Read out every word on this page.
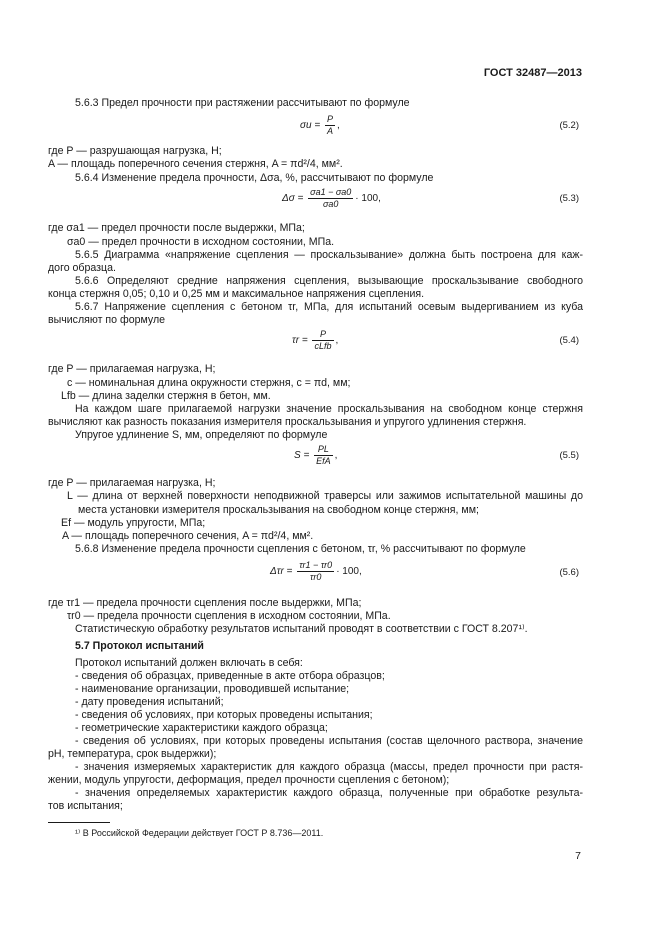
ГОСТ 32487—2013
5.6.3 Предел прочности при растяжении рассчитывают по формуле
$\sigma u = \frac{P}{A}$ ,	(5.2)
где P — разрушающая нагрузка, Н;
A — площадь поперечного сечения стержня, A = πd²/4, мм².
5.6.4 Изменение предела прочности, Δσa, %, рассчитывают по формуле
$\Delta\sigma = \frac{\sigma a1 - \sigma a0}{\sigma a0} \cdot 100$,	(5.3)
где σa1 — предел прочности после выдержки, МПа;
σa0 — предел прочности в исходном состоянии, МПа.
5.6.5 Диаграмма «напряжение сцепления — проскальзывание» должна быть построена для каж-
дого образца.
5.6.6 Определяют средние напряжения сцепления, вызывающие проскальзывание свободного
конца стержня 0,05; 0,10 и 0,25 мм и максимальное напряжения сцепления.
5.6.7 Напряжение сцепления с бетоном τr, МПа, для испытаний осевым выдергиванием из куба
вычисляют по формуле
$\tau r = \frac{P}{\text{cLfb}}$ ,	(5.4)
где P — прилагаемая нагрузка, Н;
c — номинальная длина окружности стержня, c = πd, мм;
Lfb — длина заделки стержня в бетон, мм.
На каждом шаге прилагаемой нагрузки значение проскальзывания на свободном конце стержня
вычисляют как разность показания измерителя проскальзывания и упругого удлинения стержня.
Упругое удлинение S, мм, определяют по формуле
$S = \frac{PL}{\text{EfA}}$ ,	(5.5)
где P — прилагаемая нагрузка, Н;
L — длина от верхней поверхности неподвижной траверсы или зажимов испытательной машины до
места установки измерителя проскальзывания на свободном конце стержня, мм;
Ef — модуль упругости, МПа;
A — площадь поперечного сечения, A = πd²/4, мм².
5.6.8 Изменение предела прочности сцепления с бетоном, τr, % рассчитывают по формуле
$\Delta\tau r = \frac{\tau r1 - \tau r0}{\tau r0} \cdot 100$,	(5.6)
где τr1 — предела прочности сцепления после выдержки, МПа;
τr0 — предела прочности сцепления в исходном состоянии, МПа.
Статистическую обработку результатов испытаний проводят в соответствии с ГОСТ 8.207¹⁾.
5.7 Протокол испытаний
Протокол испытаний должен включать в себя:
- сведения об образцах, приведенные в акте отбора образцов;
- наименование организации, проводившей испытание;
- дату проведения испытаний;
- сведения об условиях, при которых проведены испытания;
- геометрические характеристики каждого образца;
- сведения об условиях, при которых проведены испытания (состав щелочного раствора, значение
pH, температура, срок выдержки);
- значения измеряемых характеристик для каждого образца (массы, предел прочности при растя-
жении, модуль упругости, деформация, предел прочности сцепления с бетоном);
- значения определяемых характеристик каждого образца, полученные при обработке результа-
тов испытания;
¹⁾ В Российской Федерации действует ГОСТ Р 8.736—2011.
7
